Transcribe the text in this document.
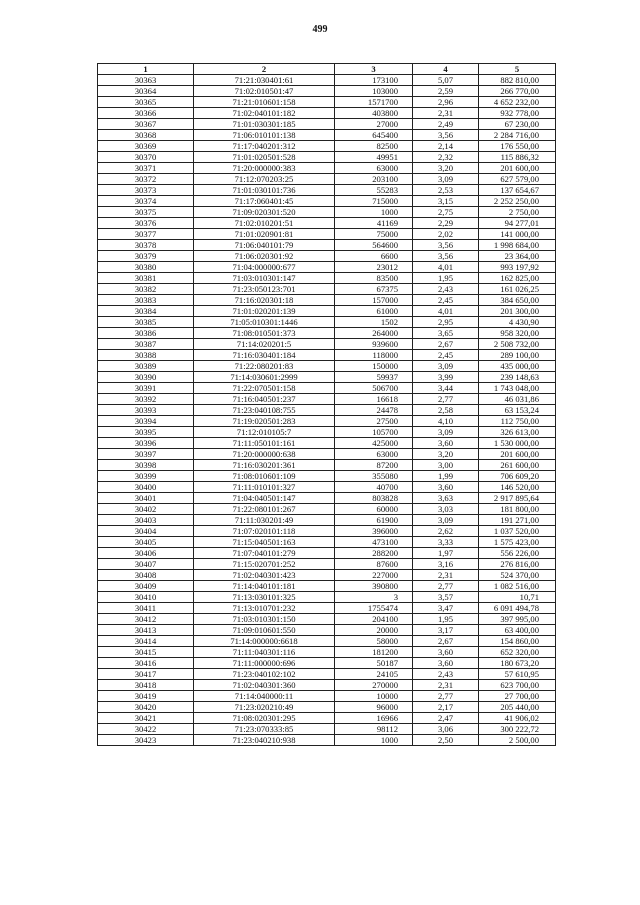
499
1	2	3	4	5
30363	71:21:030401:61	173100	5,07	882 810,00
30364	71:02:010501:47	103000	2,59	266 770,00
30365	71:21:010601:158	1571700	2,96	4 652 232,00
30366	71:02:040101:182	403800	2,31	932 778,00
30367	71:01:030301:185	27000	2,49	67 230,00
30368	71:06:010101:138	645400	3,56	2 284 716,00
30369	71:17:040201:312	82500	2,14	176 550,00
30370	71:01:020501:528	49951	2,32	115 886,32
30371	71:20:000000:383	63000	3,20	201 600,00
30372	71:12:070203:25	203100	3,09	627 579,00
30373	71:01:030101:736	55283	2,53	137 654,67
30374	71:17:060401:45	715000	3,15	2 252 250,00
30375	71:09:020301:520	1000	2,75	2 750,00
30376	71:02:010201:51	41169	2,29	94 277,01
30377	71:01:020901:81	75000	2,02	141 000,00
30378	71:06:040101:79	564600	3,56	1 998 684,00
30379	71:06:020301:92	6600	3,56	23 364,00
30380	71:04:000000:677	23012	4,01	993 197,92
30381	71:03:010301:147	83500	1,95	162 825,00
30382	71:23:050123:701	67375	2,43	161 026,25
30383	71:16:020301:18	157000	2,45	384 650,00
30384	71:01:020201:139	61000	4,01	201 300,00
30385	71:05:010301:1446	1502	2,95	4 430,90
30386	71:08:010501:373	264000	3,65	958 320,00
30387	71:14:020201:5	939600	2,67	2 508 732,00
30388	71:16:030401:184	118000	2,45	289 100,00
30389	71:22:080201:83	150000	3,09	435 000,00
30390	71:14:030601:2999	59937	3,99	239 148,63
30391	71:22:070501:158	506700	3,44	1 743 048,00
30392	71:16:040501:237	16618	2,77	46 031,86
30393	71:23:040108:755	24478	2,58	63 153,24
30394	71:19:020501:283	27500	4,10	112 750,00
30395	71:12:010105:7	105700	3,09	326 613,00
30396	71:11:050101:161	425000	3,60	1 530 000,00
30397	71:20:000000:638	63000	3,20	201 600,00
30398	71:16:030201:361	87200	3,00	261 600,00
30399	71:08:010601:109	355080	1,99	706 609,20
30400	71:11:010101:327	40700	3,60	146 520,00
30401	71:04:040501:147	803828	3,63	2 917 895,64
30402	71:22:080101:267	60000	3,03	181 800,00
30403	71:11:030201:49	61900	3,09	191 271,00
30404	71:07:020101:118	396000	2,62	1 037 520,00
30405	71:15:040501:163	473100	3,33	1 575 423,00
30406	71:07:040101:279	288200	1,97	556 226,00
30407	71:15:020701:252	87600	3,16	276 816,00
30408	71:02:040301:423	227000	2,31	524 370,00
30409	71:14:040101:181	390800	2,77	1 082 516,00
30410	71:13:030101:325	3	3,57	10,71
30411	71:13:010701:232	1755474	3,47	6 091 494,78
30412	71:03:010301:150	204100	1,95	397 995,00
30413	71:09:010601:550	20000	3,17	63 400,00
30414	71:14:000000:6618	58000	2,67	154 860,00
30415	71:11:040301:116	181200	3,60	652 320,00
30416	71:11:000000:696	50187	3,60	180 673,20
30417	71:23:040102:102	24105	2,43	57 610,95
30418	71:02:040301:360	270000	2,31	623 700,00
30419	71:14:040000:11	10000	2,77	27 700,00
30420	71:23:020210:49	96000	2,17	205 440,00
30421	71:08:020301:295	16966	2,47	41 906,02
30422	71:23:070333:85	98112	3,06	300 222,72
30423	71:23:040210:938	1000	2,50	2 500,00
